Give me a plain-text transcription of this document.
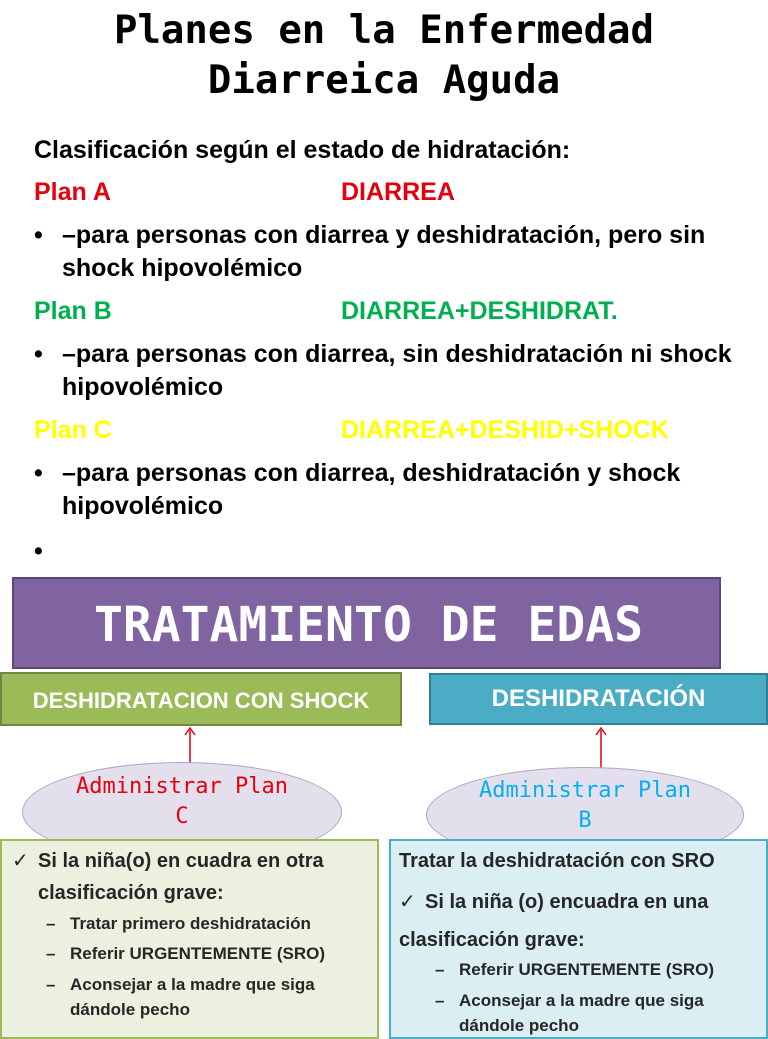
Planes en la Enfermedad
Diarreica Aguda
Clasificación según el estado de hidratación:
Plan A	DIARREA
• –para personas con diarrea y deshidratación, pero sin shock hipovolémico
Plan B	DIARREA+DESHIDRAT.
• –para personas con diarrea, sin deshidratación ni shock hipovolémico
Plan C	DIARREA+DESHID+SHOCK
• –para personas con diarrea, deshidratación y shock hipovolémico
•
TRATAMIENTO DE EDAS
DESHIDRATACION CON SHOCK	DESHIDRATACIÓN
Administrar Plan
C
Administrar Plan
B
✓ Si la niña(o) en cuadra en otra clasificación grave:
– Tratar primero deshidratación
– Referir URGENTEMENTE (SRO)
– Aconsejar a la madre que siga dándole pecho
Tratar la deshidratación con SRO
✓ Si la niña (o) encuadra en una clasificación grave:
– Referir URGENTEMENTE (SRO)
– Aconsejar a la madre que siga dándole pecho
